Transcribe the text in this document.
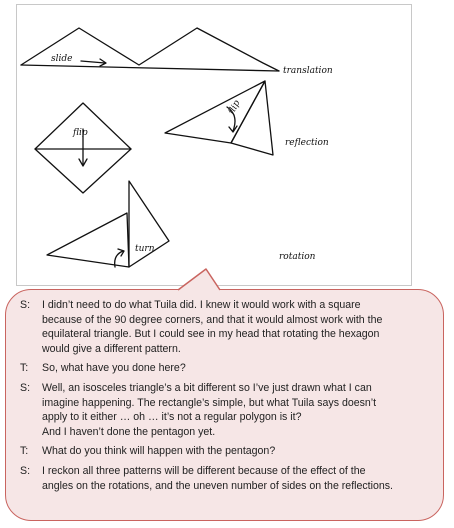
slide
translation
flip
reflection
flip
turn
rotation
S: I didn’t need to do what Tuila did. I knew it would work with a square
because of the 90 degree corners, and that it would almost work with the
equilateral triangle. But I could see in my head that rotating the hexagon
would give a different pattern.
T: So, what have you done here?
S: Well, an isosceles triangle’s a bit different so I’ve just drawn what I can
imagine happening. The rectangle’s simple, but what Tuila says doesn’t
apply to it either … oh … it’s not a regular polygon is it?
And I haven’t done the pentagon yet.
T: What do you think will happen with the pentagon?
S: I reckon all three patterns will be different because of the effect of the
angles on the rotations, and the uneven number of sides on the reflections.
